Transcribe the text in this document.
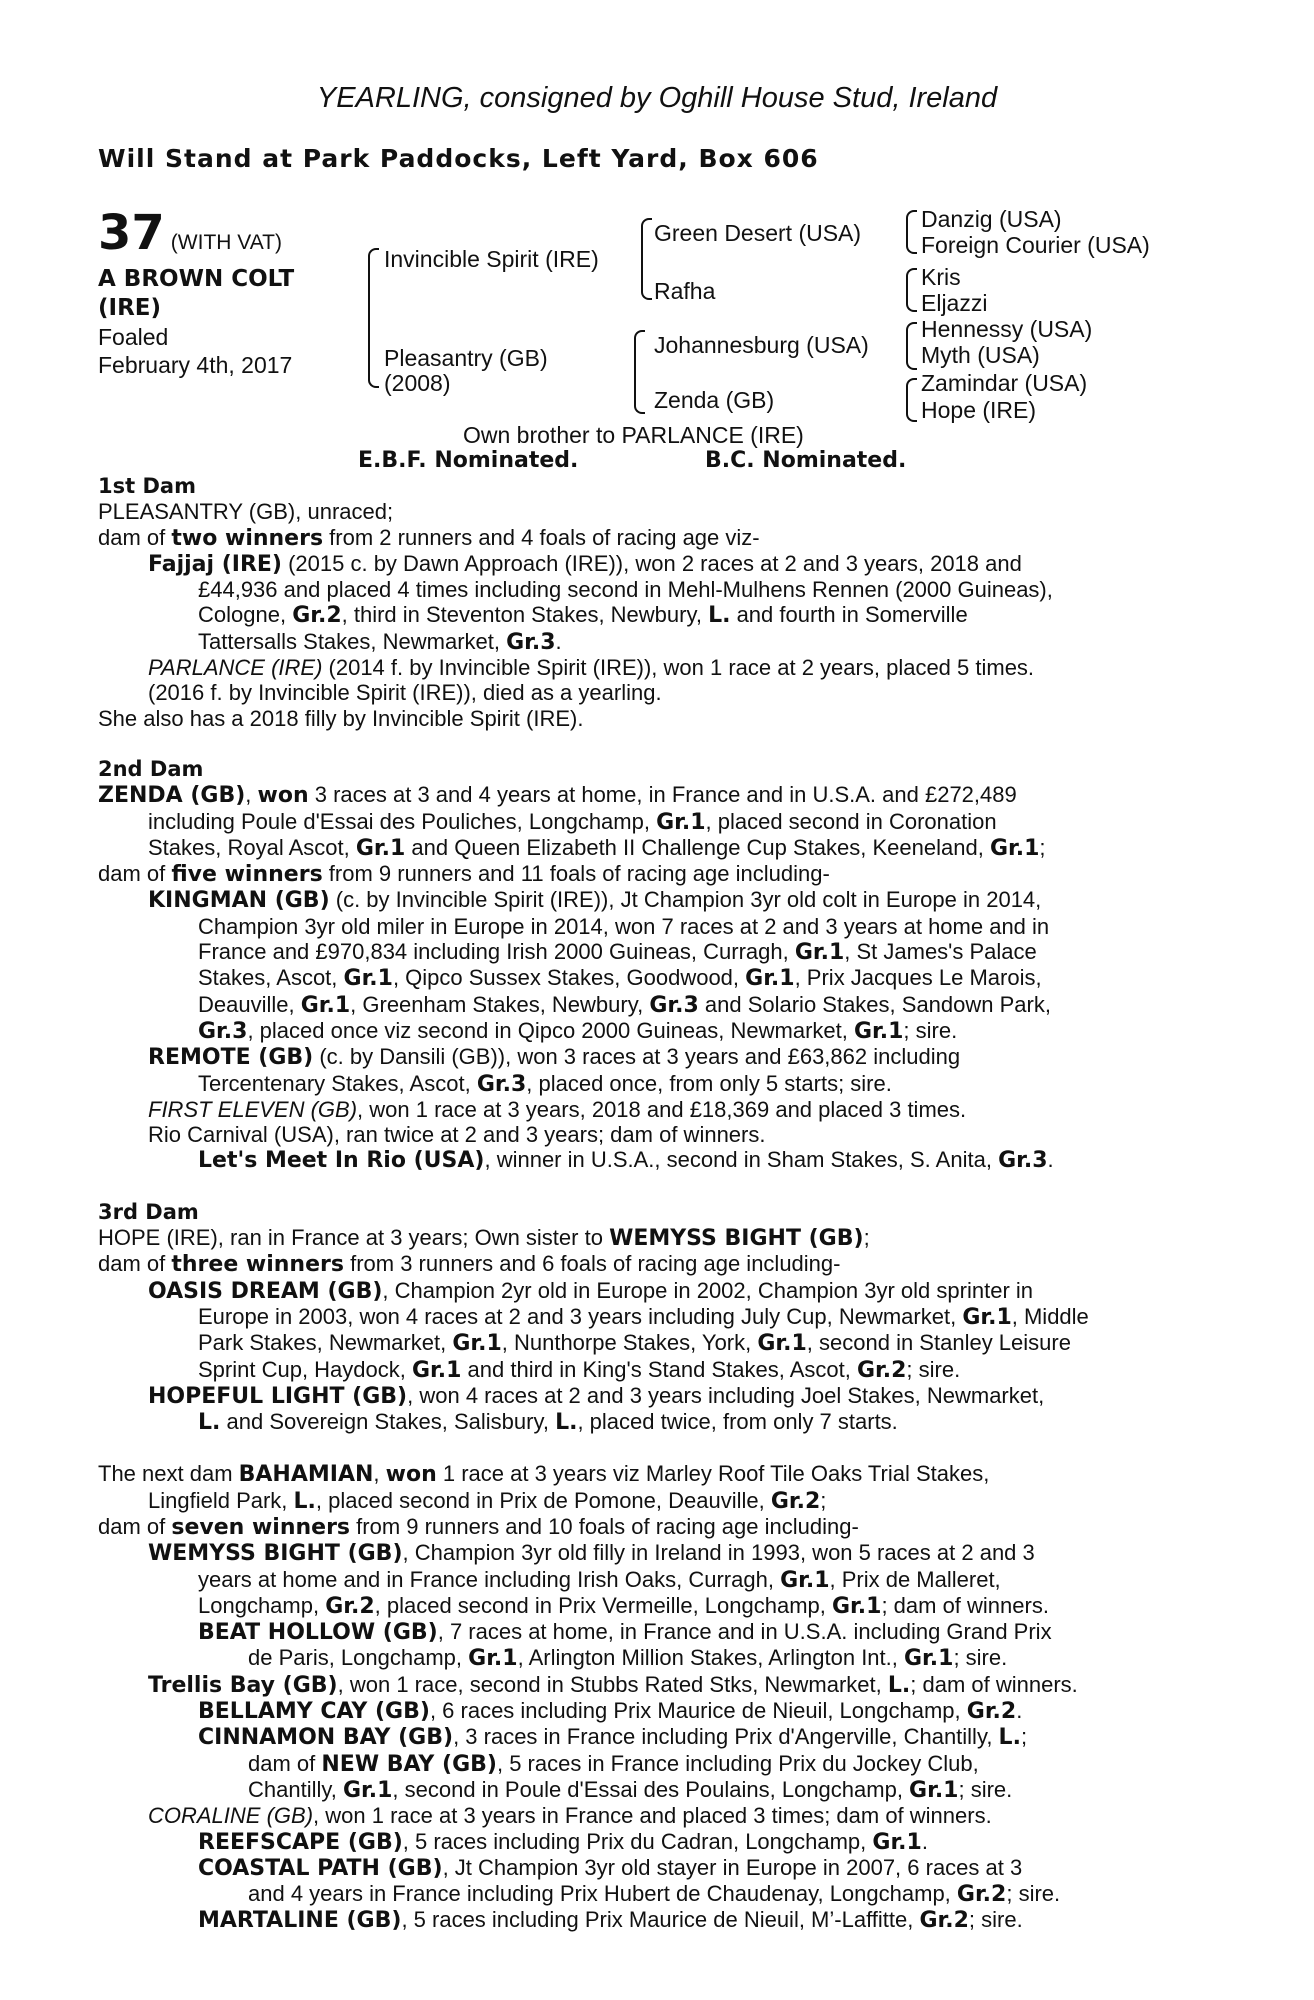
YEARLING, consigned by Oghill House Stud, Ireland
Will Stand at Park Paddocks, Left Yard, Box 606
37 (WITH VAT)
A BROWN COLT
(IRE)
Foaled
February 4th, 2017
Invincible Spirit (IRE)
Pleasantry (GB)
(2008)
Green Desert (USA)
Rafha
Johannesburg (USA)
Zenda (GB)
Danzig (USA)
Foreign Courier (USA)
Kris
Eljazzi
Hennessy (USA)
Myth (USA)
Zamindar (USA)
Hope (IRE)
Own brother to PARLANCE (IRE)
E.B.F. Nominated.	B.C. Nominated.
1st Dam
PLEASANTRY (GB), unraced;
dam of two winners from 2 runners and 4 foals of racing age viz-
Fajjaj (IRE) (2015 c. by Dawn Approach (IRE)), won 2 races at 2 and 3 years, 2018 and
£44,936 and placed 4 times including second in Mehl-Mulhens Rennen (2000 Guineas),
Cologne, Gr.2, third in Steventon Stakes, Newbury, L. and fourth in Somerville
Tattersalls Stakes, Newmarket, Gr.3.
PARLANCE (IRE) (2014 f. by Invincible Spirit (IRE)), won 1 race at 2 years, placed 5 times.
(2016 f. by Invincible Spirit (IRE)), died as a yearling.
She also has a 2018 filly by Invincible Spirit (IRE).
2nd Dam
ZENDA (GB), won 3 races at 3 and 4 years at home, in France and in U.S.A. and £272,489
including Poule d'Essai des Pouliches, Longchamp, Gr.1, placed second in Coronation
Stakes, Royal Ascot, Gr.1 and Queen Elizabeth II Challenge Cup Stakes, Keeneland, Gr.1;
dam of five winners from 9 runners and 11 foals of racing age including-
KINGMAN (GB) (c. by Invincible Spirit (IRE)), Jt Champion 3yr old colt in Europe in 2014,
Champion 3yr old miler in Europe in 2014, won 7 races at 2 and 3 years at home and in
France and £970,834 including Irish 2000 Guineas, Curragh, Gr.1, St James's Palace
Stakes, Ascot, Gr.1, Qipco Sussex Stakes, Goodwood, Gr.1, Prix Jacques Le Marois,
Deauville, Gr.1, Greenham Stakes, Newbury, Gr.3 and Solario Stakes, Sandown Park,
Gr.3, placed once viz second in Qipco 2000 Guineas, Newmarket, Gr.1; sire.
REMOTE (GB) (c. by Dansili (GB)), won 3 races at 3 years and £63,862 including
Tercentenary Stakes, Ascot, Gr.3, placed once, from only 5 starts; sire.
FIRST ELEVEN (GB), won 1 race at 3 years, 2018 and £18,369 and placed 3 times.
Rio Carnival (USA), ran twice at 2 and 3 years; dam of winners.
Let's Meet In Rio (USA), winner in U.S.A., second in Sham Stakes, S. Anita, Gr.3.
3rd Dam
HOPE (IRE), ran in France at 3 years; Own sister to WEMYSS BIGHT (GB);
dam of three winners from 3 runners and 6 foals of racing age including-
OASIS DREAM (GB), Champion 2yr old in Europe in 2002, Champion 3yr old sprinter in
Europe in 2003, won 4 races at 2 and 3 years including July Cup, Newmarket, Gr.1, Middle
Park Stakes, Newmarket, Gr.1, Nunthorpe Stakes, York, Gr.1, second in Stanley Leisure
Sprint Cup, Haydock, Gr.1 and third in King's Stand Stakes, Ascot, Gr.2; sire.
HOPEFUL LIGHT (GB), won 4 races at 2 and 3 years including Joel Stakes, Newmarket,
L. and Sovereign Stakes, Salisbury, L., placed twice, from only 7 starts.
The next dam BAHAMIAN, won 1 race at 3 years viz Marley Roof Tile Oaks Trial Stakes,
Lingfield Park, L., placed second in Prix de Pomone, Deauville, Gr.2;
dam of seven winners from 9 runners and 10 foals of racing age including-
WEMYSS BIGHT (GB), Champion 3yr old filly in Ireland in 1993, won 5 races at 2 and 3
years at home and in France including Irish Oaks, Curragh, Gr.1, Prix de Malleret,
Longchamp, Gr.2, placed second in Prix Vermeille, Longchamp, Gr.1; dam of winners.
BEAT HOLLOW (GB), 7 races at home, in France and in U.S.A. including Grand Prix
de Paris, Longchamp, Gr.1, Arlington Million Stakes, Arlington Int., Gr.1; sire.
Trellis Bay (GB), won 1 race, second in Stubbs Rated Stks, Newmarket, L.; dam of winners.
BELLAMY CAY (GB), 6 races including Prix Maurice de Nieuil, Longchamp, Gr.2.
CINNAMON BAY (GB), 3 races in France including Prix d'Angerville, Chantilly, L.;
dam of NEW BAY (GB), 5 races in France including Prix du Jockey Club,
Chantilly, Gr.1, second in Poule d'Essai des Poulains, Longchamp, Gr.1; sire.
CORALINE (GB), won 1 race at 3 years in France and placed 3 times; dam of winners.
REEFSCAPE (GB), 5 races including Prix du Cadran, Longchamp, Gr.1.
COASTAL PATH (GB), Jt Champion 3yr old stayer in Europe in 2007, 6 races at 3
and 4 years in France including Prix Hubert de Chaudenay, Longchamp, Gr.2; sire.
MARTALINE (GB), 5 races including Prix Maurice de Nieuil, M’-Laffitte, Gr.2; sire.
